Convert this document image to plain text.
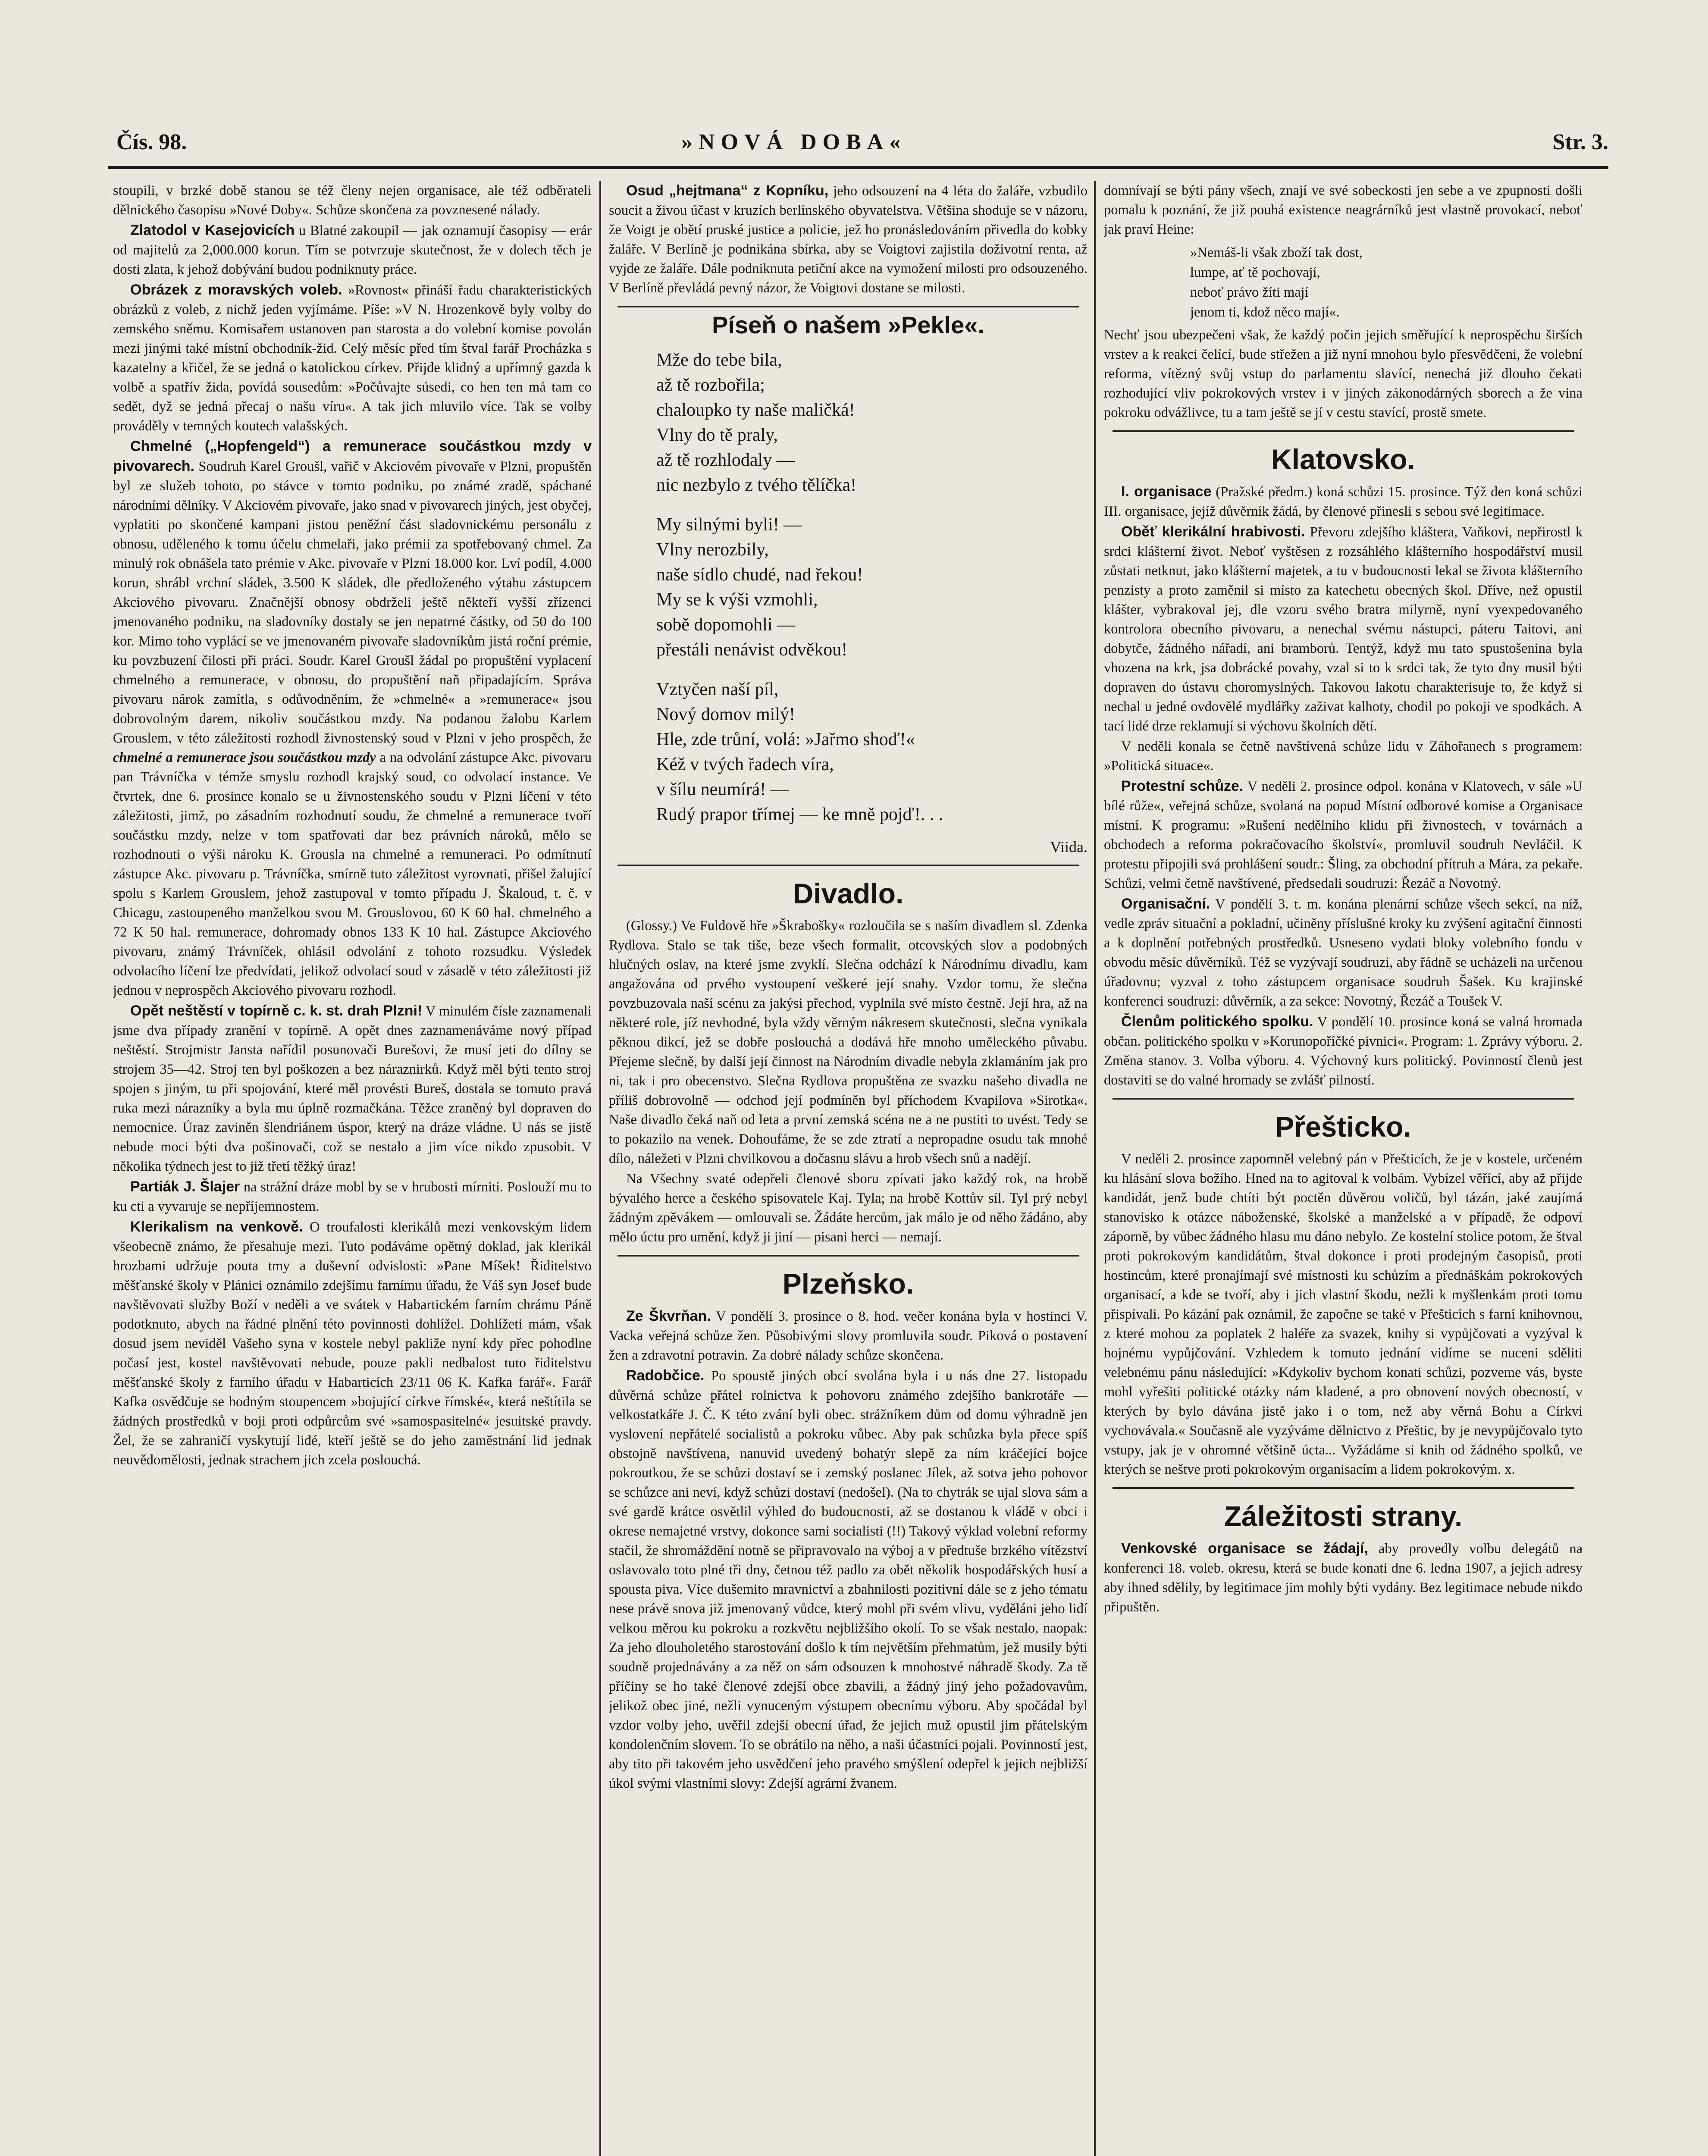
Čís. 98.	»NOVÁ DOBA«	Str. 3.

stoupili, v brzké době stanou se též členy nejen organisace, ale též odběrateli dělnického časopisu »Nové Doby«. Schůze skončena za povznesené nálady.

Zlatodol v Kasejovicích u Blatné zakoupil — jak oznamují časopisy — erár od majitelů za 2,000.000 korun. Tím se potvrzuje skutečnost, že v dolech těch je dosti zlata, k jehož dobývání budou podniknuty práce.

Obrázek z moravských voleb. »Rovnost« přináší řadu charakteristických obrázků z voleb, z nichž jeden vyjímáme. Píše: »V N. Hrozenkově byly volby do zemského sněmu. Komisařem ustanoven pan starosta a do volební komise povolán mezi jinými také místní obchodník-žid. Celý měsíc před tím štval farář Procházka s kazatelny a křičel, že se jedná o katolickou církev. Přijde klidný a upřímný gazda k volbě a spatřív žida, povídá sousedům: »Počůvajte súsedi, co hen ten má tam co sedět, dyž se jedná přecaj o našu víru«. A tak jich mluvilo více. Tak se volby prováděly v temných koutech valašských.

Chmelné („Hopfengeld“) a remunerace součástkou mzdy v pivovarech. Soudruh Karel Groušl, vařič v Akciovém pivovaře v Plzni, propuštěn byl ze služeb tohoto, po stávce v tomto podniku, po známé zradě, spáchané národními dělníky. V Akciovém pivovaře, jako snad v pivovarech jiných, jest obyčej, vyplatiti po skončené kampani jistou peněžní část sladovnickému personálu z obnosu, uděleného k tomu účelu chmelaři, jako prémii za spotřebovaný chmel. Za minulý rok obnášela tato prémie v Akc. pivovaře v Plzni 18.000 kor. Lví podíl, 4.000 korun, shrábl vrchní sládek, 3.500 K sládek, dle předloženého výtahu zástupcem Akciového pivovaru. Značnější obnosy obdrželi ještě někteří vyšší zřízenci jmenovaného podniku, na sladovníky dostaly se jen nepatrné částky, od 50 do 100 kor. Mimo toho vyplácí se ve jmenovaném pivovaře sladovníkům jistá roční prémie, ku povzbuzení čilosti při práci. Soudr. Karel Groušl žádal po propuštění vyplacení chmelného a remunerace, v obnosu, do propuštění naň připadajícím. Správa pivovaru nárok zamítla, s odůvodněním, že »chmelné« a »remunerace« jsou dobrovolným darem, nikoliv součástkou mzdy. Na podanou žalobu Karlem Grouslem, v této záležitosti rozhodl živnostenský soud v Plzni v jeho prospěch, že chmelné a remunerace jsou součástkou mzdy a na odvolání zástupce Akc. pivovaru pan Trávníčka v témže smyslu rozhodl krajský soud, co odvolací instance. Ve čtvrtek, dne 6. prosince konalo se u živnostenského soudu v Plzni líčení v této záležitosti, jimž, po zásadním rozhodnutí soudu, že chmelné a remunerace tvoří součástku mzdy, nelze v tom spatřovati dar bez právních nároků, mělo se rozhodnouti o výši nároku K. Grousla na chmelné a remuneraci. Po odmítnutí zástupce Akc. pivovaru p. Trávníčka, smírně tuto záležitost vyrovnati, přišel žalující spolu s Karlem Grouslem, jehož zastupoval v tomto případu J. Škaloud, t. č. v Chicagu, zastoupeného manželkou svou M. Grouslovou, 60 K 60 hal. chmelného a 72 K 50 hal. remunerace, dohromady obnos 133 K 10 hal. Zástupce Akciového pivovaru, známý Trávníček, ohlásil odvolání z tohoto rozsudku. Výsledek odvolacího líčení lze předvídati, jelikož odvolací soud v zásadě v této záležitosti již jednou v neprospěch Akciového pivovaru rozhodl.

Opět neštěstí v topírně c. k. st. drah Plzni! V minulém čísle zaznamenali jsme dva případy zranění v topírně. A opět dnes zaznamenáváme nový případ neštěstí. Strojmistr Jansta nařídil posunovači Burešovi, že musí jeti do dílny se strojem 35—42. Stroj ten byl poškozen a bez náraznirků. Když měl býti tento stroj spojen s jiným, tu při spojování, které měl provésti Bureš, dostala se tomuto pravá ruka mezi nárazníky a byla mu úplně rozmačkána. Těžce zraněný byl dopraven do nemocnice. Úraz zaviněn šlendriánem úspor, který na dráze vládne. U nás se jistě nebude moci býti dva pošinovači, což se nestalo a jim více nikdo zpusobit. V několika týdnech jest to již třetí těžký úraz!

Partiák J. Šlajer na strážní dráze mobl by se v hrubosti mírniti. Poslouží mu to ku cti a vyvaruje se nepříjemnostem.

Klerikalism na venkově. O troufalosti klerikálů mezi venkovským lidem všeobecně známo, že přesahuje mezi. Tuto podáváme opětný doklad, jak klerikál hrozbami udržuje pouta tmy a duševní odvislosti: »Pane Míšek! Řiditelstvo měšťanské školy v Plánici oznámilo zdejšímu farnímu úřadu, že Váš syn Josef bude navštěvovati služby Boží v neděli a ve svátek v Habartickém farním chrámu Páně podotknuto, abych na řádné plnění této povinnosti dohlížel. Dohlížeti mám, však dosud jsem neviděl Vašeho syna v kostele nebyl pakliže nyní kdy přec pohodlne počasí jest, kostel navštěvovati nebude, pouze pakli nedbalost tuto řiditelstvu měšťanské školy z farního úřadu v Habarticích 23/11 06 K. Kafka farář«. Farář Kafka osvědčuje se hodným stoupencem »bojující církve římské«, která neštítila se žádných prostředků v boji proti odpůrcům své »samospasitelné« jesuitské pravdy. Žel, že se zahraničí vyskytují lidé, kteří ještě se do jeho zaměstnání lid jednak neuvědomělosti, jednak strachem jich zcela poslouchá.

Osud „hejtmana“ z Kopníku, jeho odsouzení na 4 léta do žaláře, vzbudilo soucit a živou účast v kruzích berlínského obyvatelstva. Většina shoduje se v názoru, že Voigt je obětí pruské justice a policie, jež ho pronásledováním přivedla do kobky žaláře. V Berlíně je podnikána sbírka, aby se Voigtovi zajistila doživotní renta, až vyjde ze žaláře. Dále podniknuta petiční akce na vymožení milosti pro odsouzeného. V Berlíně převládá pevný názor, že Voigtovi dostane se milosti.

Píseň o našem »Pekle«.
Mže do tebe bila,
až tě rozbořila;
chaloupko ty naše maličká!
Vlny do tě praly,
až tě rozhlodaly —
nic nezbylo z tvého tělíčka!
My silnými byli! —
Vlny nerozbily,
naše sídlo chudé, nad řekou!
My se k výši vzmohli,
sobě dopomohli —
přestáli nenávist odvěkou!
Vztyčen naší píl,
Nový domov milý!
Hle, zde trůní, volá: »Jařmo shoď!«
Kéž v tvých řadech víra,
v šílu neumírá! —
Rudý prapor třímej — ke mně pojď!. . .
Viida.
Divadlo.

(Glossy.) Ve Fuldově hře »Škrabošky« rozloučila se s naším divadlem sl. Zdenka Rydlova. Stalo se tak tiše, beze všech formalit, otcovských slov a podobných hlučných oslav, na které jsme zvyklí. Slečna odchází k Národnímu divadlu, kam angažována od prvého vystoupení veškeré její snahy. Vzdor tomu, že slečna povzbuzovala naší scénu za jakýsi přechod, vyplnila své místo čestně. Její hra, až na některé role, jíž nevhodné, byla vždy věrným nákresem skutečnosti, slečna vynikala pěknou dikcí, jež se dobře poslouchá a dodává hře mnoho uměleckého půvabu. Přejeme slečně, by další její činnost na Národním divadle nebyla zklamáním jak pro ni, tak i pro obecenstvo. Slečna Rydlova propuštěna ze svazku našeho divadla ne příliš dobrovolně — odchod její podmíněn byl příchodem Kvapilova »Sirotka«. Naše divadlo čeká naň od leta a první zemská scéna ne a ne pustiti to uvést. Tedy se to pokazilo na venek. Dohoufáme, že se zde ztratí a nepropadne osudu tak mnohé dílo, náležeti v Plzni chvilkovou a dočasnu slávu a hrob všech snů a nadějí.

Na Všechny svaté odepřeli členové sboru zpívati jako každý rok, na hrobě bývalého herce a českého spisovatele Kaj. Tyla; na hrobě Kottův síl. Tyl prý nebyl žádným zpěvákem — omlouvali se. Žádáte hercům, jak málo je od něho žádáno, aby mělo úctu pro umění, když ji jiní — pisani herci — nemají.

Plzeňsko.

Ze Škvrňan. V pondělí 3. prosince o 8. hod. večer konána byla v hostinci V. Vacka veřejná schůze žen. Působivými slovy promluvila soudr. Piková o postavení žen a zdravotní potravin. Za dobré nálady schůze skončena.

Radobčice. Po spoustě jiných obcí svolána byla i u nás dne 27. listopadu důvěrná schůze přátel rolnictva k pohovoru známého zdejšího bankrotáře — velkostatkáře J. Č. K této zvání byli obec. strážníkem dům od domu výhradně jen vyslovení nepřátelé socialistů a pokroku vůbec. Aby pak schůzka byla přece spíš obstojně navštívena, nanuvid uvedený bohatýr slepě za ním kráčející bojce pokroutkou, že se schůzi dostaví se i zemský poslanec Jílek, až sotva jeho pohovor se schůzce ani neví, když schůzi dostaví (nedošel). (Na to chytrák se ujal slova sám a své gardě krátce osvětlil výhled do budoucnosti, až se dostanou k vládě v obci i okrese nemajetné vrstvy, dokonce sami socialisti (!!) Takový výklad volební reformy stačil, že shromáždění notně se připravovalo na výboj a v předtuše brzkého vítězství oslavovalo toto plné tři dny, četnou též padlo za obět několik hospodářských husí a spousta piva. Více dušemito mravnictví a zbahnilosti pozitivní dále se z jeho tématu nese právě snova již jmenovaný vůdce, který mohl při svém vlivu, vyděláni jeho lidí velkou měrou ku pokroku a rozkvětu nejbližšího okolí. To se však nestalo, naopak: Za jeho dlouholetého starostování došlo k tím největším přehmatům, jež musily býti soudně projednávány a za něž on sám odsouzen k mnohostvé náhradě škody. Za tě příčiny se ho také členové zdejší obce zbavili, a žádný jiný jeho požadovavům, jelikož obec jiné, nežli vynuceným výstupem obecnímu výboru. Aby spočádal byl vzdor volby jeho, uvěřil zdejší obecní úřad, že jejich muž opustil jim přátelským kondolenčním slovem. To se obrátilo na něho, a naši účastníci pojali. Povinností jest, aby tito při takovém jeho usvědčení jeho pravého smýšlení odepřel k jejich nejbližší úkol svými vlastními slovy: Zdejší agrární žvanem.

domnívají se býti pány všech, znají ve své sobeckosti jen sebe a ve zpupnosti došli pomalu k poznání, že již pouhá existence neagrárníků jest vlastně provokací, neboť jak praví Heine:

»Nemáš-li však zboží tak dost,
lumpe, ať tě pochovají,
neboť právo žíti mají
jenom ti, kdož něco mají«.

Nechť jsou ubezpečeni však, že každý počin jejich směřující k neprospěchu širších vrstev a k reakci čelící, bude střežen a již nyní mnohou bylo přesvědčeni, že volební reforma, vítězný svůj vstup do parlamentu slavící, nenechá již dlouho čekati rozhodující vliv pokrokových vrstev i v jiných zákonodárných sborech a že vina pokroku odvážlivce, tu a tam ještě se jí v cestu stavící, prostě smete.

Klatovsko.

I. organisace (Pražské předm.) koná schůzi 15. prosince. Týž den koná schůzi III. organisace, jejíž důvěrník žádá, by členové přinesli s sebou své legitimace.

Oběť klerikální hrabivosti. Převoru zdejšího kláštera, Vaňkovi, nepřirostl k srdci klášterní život. Neboť vyštěsen z rozsáhlého klášterního hospodářství musil zůstati netknut, jako klášterní majetek, a tu v budoucnosti lekal se života klášterního penzisty a proto zaměnil si místo za katechetu obecných škol. Dříve, než opustil klášter, vybrakoval jej, dle vzoru svého bratra milyrně, nyní vyexpedovaného kontrolora obecního pivovaru, a nenechal svému nástupci, páteru Taitovi, ani dobytče, žádného nářadí, ani bramborů. Tentýž, když mu tato spustošenina byla vhozena na krk, jsa dobrácké povahy, vzal si to k srdci tak, že tyto dny musil býti dopraven do ústavu choromyslných. Takovou lakotu charakterisuje to, že když si nechal u jedné ovdovělé mydlářky zaživat kalhoty, chodil po pokoji ve spodkách. A tací lidé drze reklamují si výchovu školních dětí.

V neděli konala se četně navštívená schůze lidu v Záhořanech s programem: »Politická situace«.

Protestní schůze. V neděli 2. prosince odpol. konána v Klatovech, v sále »U bílé růže«, veřejná schůze, svolaná na popud Místní odborové komise a Organisace místní. K programu: »Rušení nedělního klidu při živnostech, v továrnách a obchodech a reforma pokračovacího školství«, promluvil soudruh Nevláčil. K protestu připojili svá prohlášení soudr.: Šling, za obchodní přítruh a Mára, za pekaře. Schůzi, velmi četně navštívené, předsedali soudruzi: Řezáč a Novotný.

Organisační. V pondělí 3. t. m. konána plenární schůze všech sekcí, na níž, vedle zpráv situační a pokladní, učiněny příslušné kroky ku zvýšení agitační činnosti a k doplnění potřebných prostředků. Usneseno vydati bloky volebního fondu v obvodu měsíc důvěrníků. Též se vyzývají soudruzi, aby řádně se ucházeli na určenou úřadovnu; vyzval z toho zástupcem organisace soudruh Šašek. Ku krajinské konferenci soudruzi: důvěrník, a za sekce: Novotný, Řezáč a Toušek V.

Členům politického spolku. V pondělí 10. prosince koná se valná hromada občan. politického spolku v »Korunopoříčké pivnici«. Program: 1. Zprávy výboru. 2. Změna stanov. 3. Volba výboru. 4. Výchovný kurs politický. Povinností členů jest dostaviti se do valné hromady se zvlášť pilností.

Přešticko.

V neděli 2. prosince zapomněl velebný pán v Přešticích, že je v kostele, určeném ku hlásání slova božího. Hned na to agitoval k volbám. Vybízel věřící, aby až přijde kandidát, jenž bude chtíti být poctěn důvěrou voličů, byl tázán, jaké zaujímá stanovisko k otázce náboženské, školské a manželské a v případě, že odpoví záporně, by vůbec žádného hlasu mu dáno nebylo. Ze kostelní stolice potom, že štval proti pokrokovým kandidátům, štval dokonce i proti prodejným časopisů, proti hostincům, které pronajímají své místnosti ku schůzím a přednáškám pokrokových organisací, a kde se tvoří, aby i jich vlastní škodu, nežli k myšlenkám proti tomu přispívali. Po kázání pak oznámil, že započne se také v Přešticích s farní knihovnou, z které mohou za poplatek 2 haléře za svazek, knihy si vypůjčovati a vyzýval k hojnému vypůjčování. Vzhledem k tomuto jednání vidíme se nuceni sděliti velebnému pánu následující: »Kdykoliv bychom konati schůzi, pozveme vás, byste mohl vyřešiti politické otázky nám kladené, a pro obnovení nových obecností, v kterých by bylo dávána jistě jako i o tom, než aby věrná Bohu a Církvi vychovávala.« Současně ale vyzýváme dělnictvo z Přeštic, by je nevypůjčovalo tyto vstupy, jak je v ohromné většině úcta... Vyžádáme si knih od žádného spolků, ve kterých se neštve proti pokrokovým organisacím a lidem pokrokovým. x.

Záležitosti strany.

Venkovské organisace se žádají, aby provedly volbu delegátů na konferenci 18. voleb. okresu, která se bude konati dne 6. ledna 1907, a jejich adresy aby ihned sdělily, by legitimace jim mohly býti vydány. Bez legitimace nebude nikdo připuštěn.
